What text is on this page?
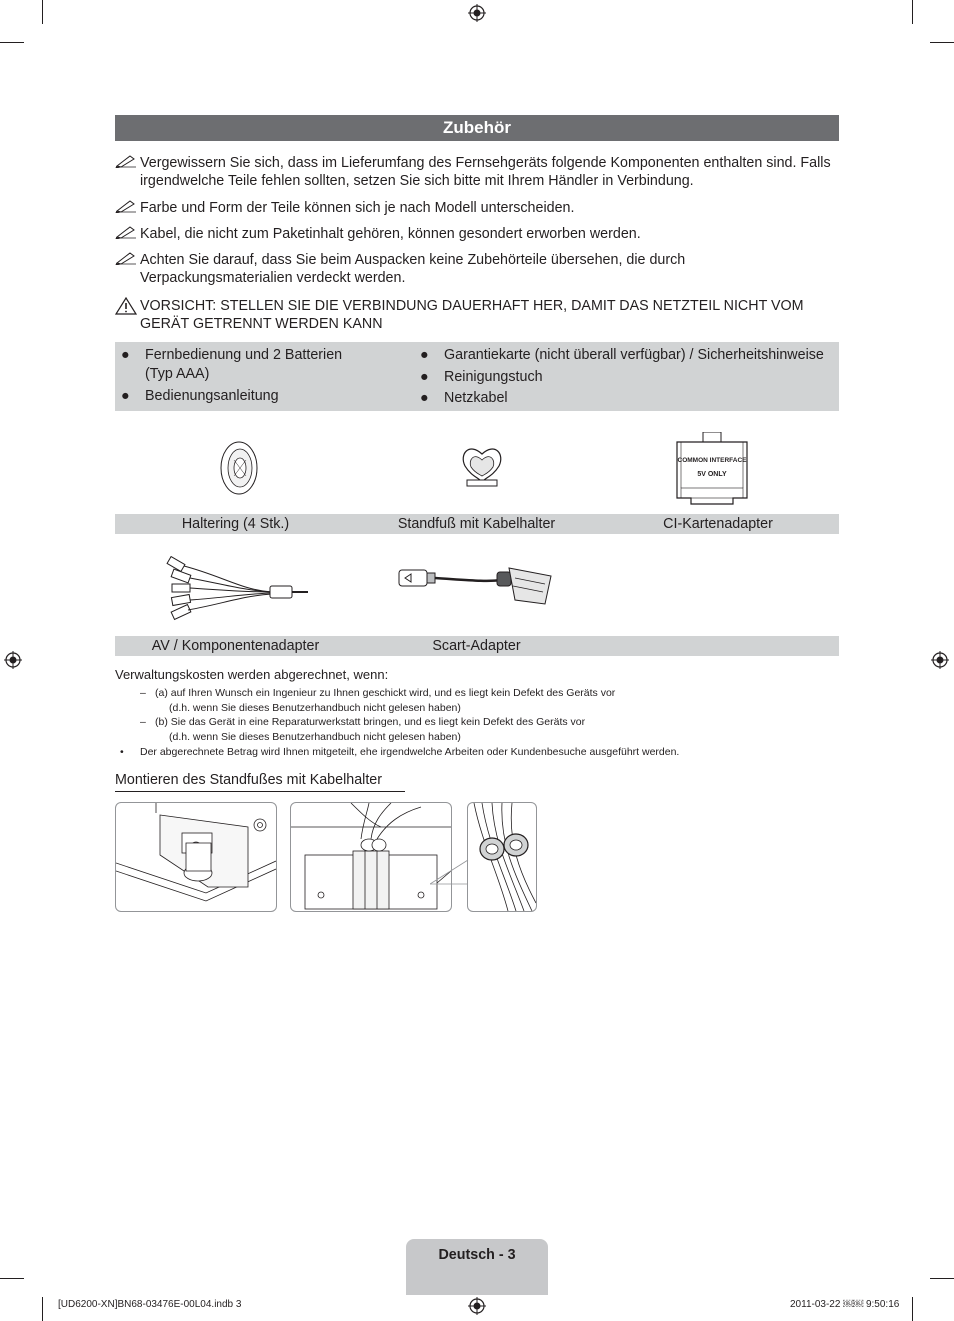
Zubehör
Vergewissern Sie sich, dass im Lieferumfang des Fernsehgeräts folgende Komponenten enthalten sind. Falls irgendwelche Teile fehlen sollten, setzen Sie sich bitte mit Ihrem Händler in Verbindung.
Farbe und Form der Teile können sich je nach Modell unterscheiden.
Kabel, die nicht zum Paketinhalt gehören, können gesondert erworben werden.
Achten Sie darauf, dass Sie beim Auspacken keine Zubehörteile übersehen, die durch Verpackungsmaterialien verdeckt werden.
VORSICHT: STELLEN SIE DIE VERBINDUNG DAUERHAFT HER, DAMIT DAS NETZTEIL NICHT VOM GERÄT GETRENNT WERDEN KANN
● Fernbedienung und 2 Batterien (Typ AAA)
● Bedienungsanleitung
● Garantiekarte (nicht überall verfügbar) / Sicherheitshinweise
● Reinigungstuch
● Netzkabel
COMMON INTERFACE
5V ONLY
Haltering (4 Stk.)	Standfuß mit Kabelhalter	CI-Kartenadapter
AV / Komponentenadapter	Scart-Adapter
Verwaltungskosten werden abgerechnet, wenn:
– (a) auf Ihren Wunsch ein Ingenieur zu Ihnen geschickt wird, und es liegt kein Defekt des Geräts vor
(d.h. wenn Sie dieses Benutzerhandbuch nicht gelesen haben)
– (b) Sie das Gerät in eine Reparaturwerkstatt bringen, und es liegt kein Defekt des Geräts vor
(d.h. wenn Sie dieses Benutzerhandbuch nicht gelesen haben)
• Der abgerechnete Betrag wird Ihnen mitgeteilt, ehe irgendwelche Arbeiten oder Kundenbesuche ausgeführt werden.
Montieren des Standfußes mit Kabelhalter
Deutsch - 3
[UD6200-XN]BN68-03476E-00L04.indb 3	2011-03-22 ￼￼ 9:50:16
